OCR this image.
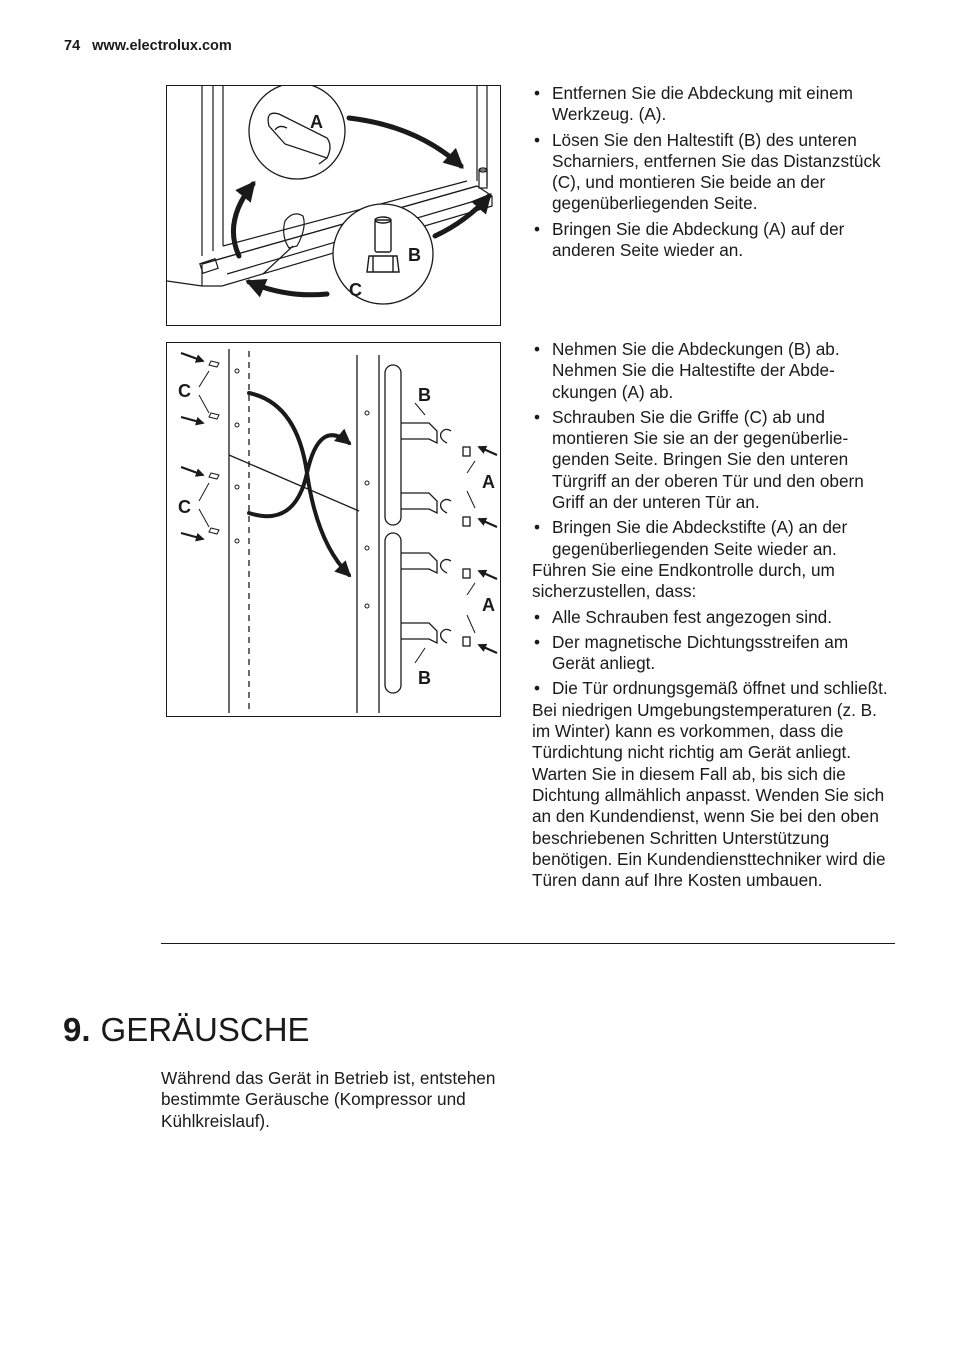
74 www.electrolux.com
A
B
C
C
C
B
B
A
A
• Entfernen Sie die Abdeckung mit einem Werkzeug. (A).
• Lösen Sie den Haltestift (B) des unteren Scharniers, entfernen Sie das Distanzstück (C), und montieren Sie beide an der gegenüberliegenden Seite.
• Bringen Sie die Abdeckung (A) auf der anderen Seite wieder an.
• Nehmen Sie die Abdeckungen (B) ab. Nehmen Sie die Haltestifte der Abdeckungen (A) ab.
• Schrauben Sie die Griffe (C) ab und montieren Sie sie an der gegenüberliegenden Seite. Bringen Sie den unteren Türgriff an der oberen Tür und den obern Griff an der unteren Tür an.
• Bringen Sie die Abdeckstifte (A) an der gegenüberliegenden Seite wieder an.

Führen Sie eine Endkontrolle durch, um sicherzustellen, dass:

• Alle Schrauben fest angezogen sind.
• Der magnetische Dichtungsstreifen am Gerät anliegt.
• Die Tür ordnungsgemäß öffnet und schließt.

Bei niedrigen Umgebungstemperaturen (z. B. im Winter) kann es vorkommen, dass die Türdichtung nicht richtig am Gerät anliegt. Warten Sie in diesem Fall ab, bis sich die Dichtung allmählich anpasst. Wenden Sie sich an den Kundendienst, wenn Sie bei den oben beschriebenen Schritten Unterstützung benötigen. Ein Kundendiensttechniker wird die Türen dann auf Ihre Kosten umbauen.

9. GERÄUSCHE

Während das Gerät in Betrieb ist, entstehen bestimmte Geräusche (Kompressor und Kühlkreislauf).
